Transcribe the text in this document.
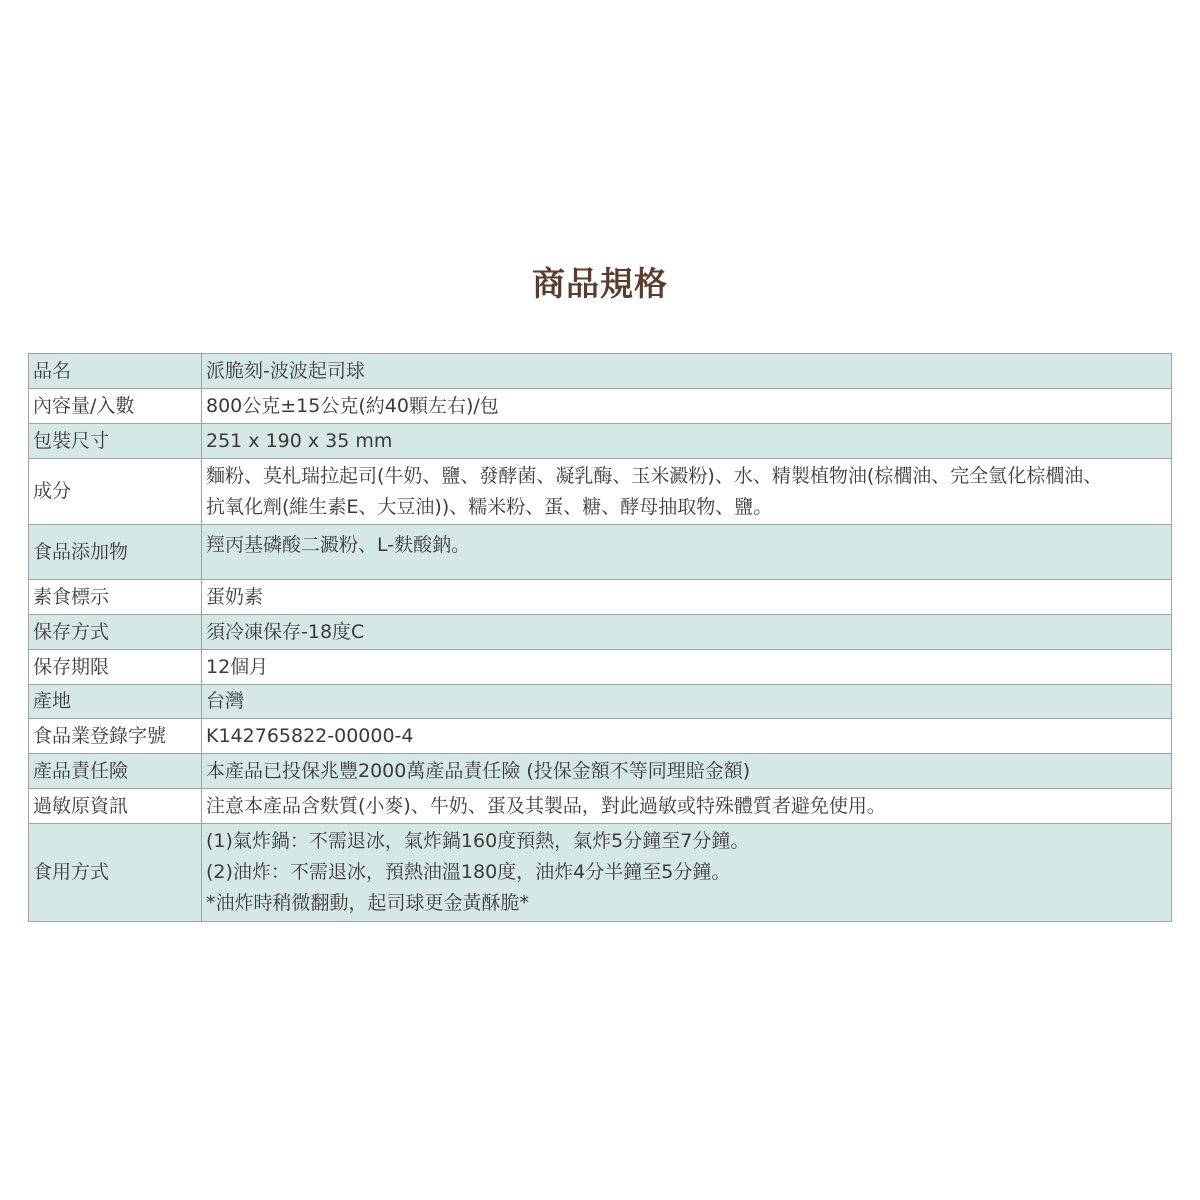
商品規格
品名	派脆刻-波波起司球

內容量/入數	800公克±15公克(約40顆左右)/包

包裝尺寸	251 x 190 x 35 mm

成分	麵粉、莫札瑞拉起司(牛奶、鹽、發酵菌、凝乳酶、玉米澱粉)、水、精製植物油(棕櫚油、完全氫化棕櫚油、
抗氧化劑(維生素E、大豆油))、糯米粉、蛋、糖、酵母抽取物、鹽。

食品添加物	羥丙基磷酸二澱粉、L-麩酸鈉。

素食標示	蛋奶素

保存方式	須冷凍保存-18度C

保存期限	12個月

產地	台灣

食品業登錄字號	K142765822-00000-4

產品責任險	本產品已投保兆豐2000萬產品責任險 (投保金額不等同理賠金額)

過敏原資訊	注意本產品含麩質(小麥)、牛奶、蛋及其製品，對此過敏或特殊體質者避免使用。

食用方式	(1)氣炸鍋：不需退冰，氣炸鍋160度預熱，氣炸5分鐘至7分鐘。
(2)油炸：不需退冰，預熱油溫180度，油炸4分半鐘至5分鐘。
*油炸時稍微翻動，起司球更金黃酥脆*
